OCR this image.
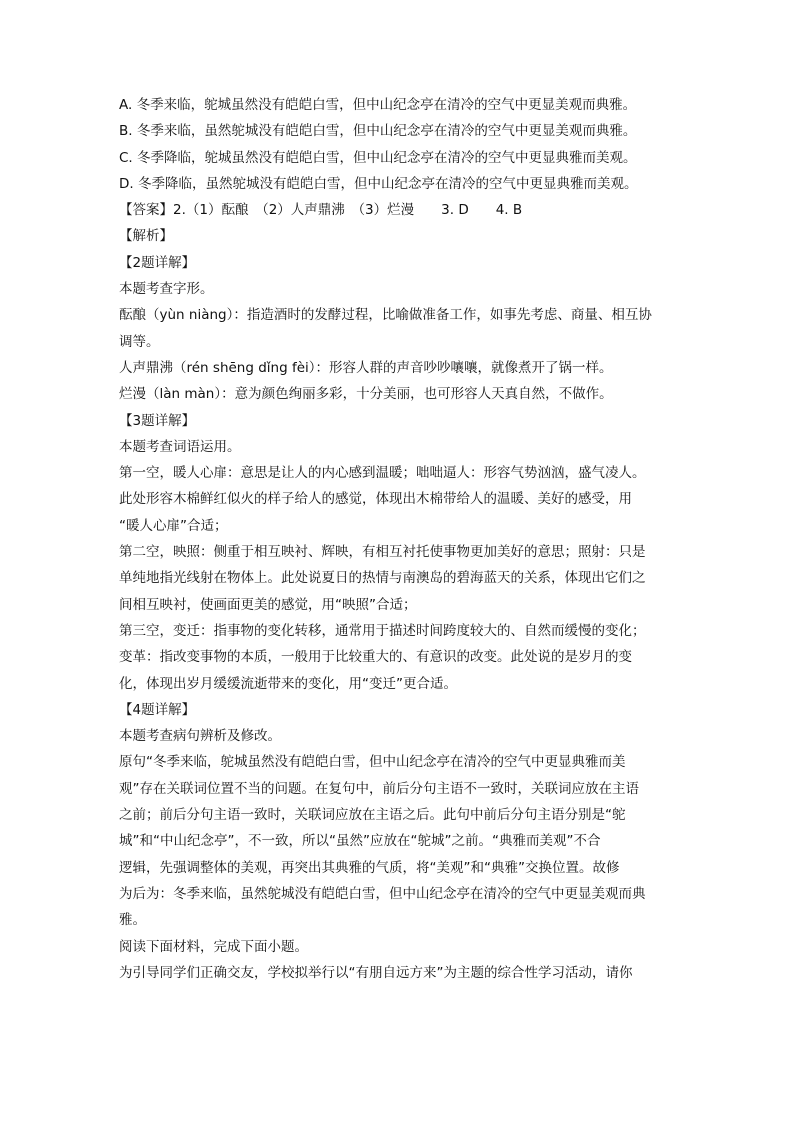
A. 冬季来临，鸵城虽然没有皑皑白雪，但中山纪念亭在清冷的空气中更显美观而典雅。
B. 冬季来临，虽然鸵城没有皑皑白雪，但中山纪念亭在清冷的空气中更显美观而典雅。
C. 冬季降临，鸵城虽然没有皑皑白雪，但中山纪念亭在清冷的空气中更显典雅而美观。
D. 冬季降临，虽然鸵城没有皑皑白雪，但中山纪念亭在清冷的空气中更显典雅而美观。
【答案】2.（1）酝酿　（2）人声鼎沸　（3）烂漫　　3. D　　4. B
【解析】
【2题详解】
本题考查字形。
酝酿（yùn niàng）：指造酒时的发酵过程，比喻做准备工作，如事先考虑、商量、相互协
调等。
人声鼎沸（rén shēng dǐng fèi）：形容人群的声音吵吵嚷嚷，就像煮开了锅一样。
烂漫（làn màn）：意为颜色绚丽多彩，十分美丽，也可形容人天真自然，不做作。
【3题详解】
本题考查词语运用。
第一空，暖人心扉：意思是让人的内心感到温暖；咄咄逼人：形容气势汹汹，盛气凌人。
此处形容木棉鲜红似火的样子给人的感觉，体现出木棉带给人的温暖、美好的感受，用
“暖人心扉”合适；
第二空，映照：侧重于相互映衬、辉映，有相互衬托使事物更加美好的意思；照射：只是
单纯地指光线射在物体上。此处说夏日的热情与南澳岛的碧海蓝天的关系，体现出它们之
间相互映衬，使画面更美的感觉，用“映照”合适；
第三空，变迁：指事物的变化转移，通常用于描述时间跨度较大的、自然而缓慢的变化；
变革：指改变事物的本质，一般用于比较重大的、有意识的改变。此处说的是岁月的变
化，体现出岁月缓缓流逝带来的变化，用“变迁”更合适。
【4题详解】
本题考查病句辨析及修改。
原句“冬季来临，鸵城虽然没有皑皑白雪，但中山纪念亭在清冷的空气中更显典雅而美
观”存在关联词位置不当的问题。在复句中，前后分句主语不一致时，关联词应放在主语
之前；前后分句主语一致时，关联词应放在主语之后。此句中前后分句主语分别是“鸵
城”和“中山纪念亭”，不一致，所以“虽然”应放在“鸵城”之前。“典雅而美观”不合
逻辑，先强调整体的美观，再突出其典雅的气质，将“美观”和“典雅”交换位置。故修
为后为：冬季来临，虽然鸵城没有皑皑白雪，但中山纪念亭在清冷的空气中更显美观而典
雅。
阅读下面材料，完成下面小题。
为引导同学们正确交友，学校拟举行以“有朋自远方来”为主题的综合性学习活动，请你
